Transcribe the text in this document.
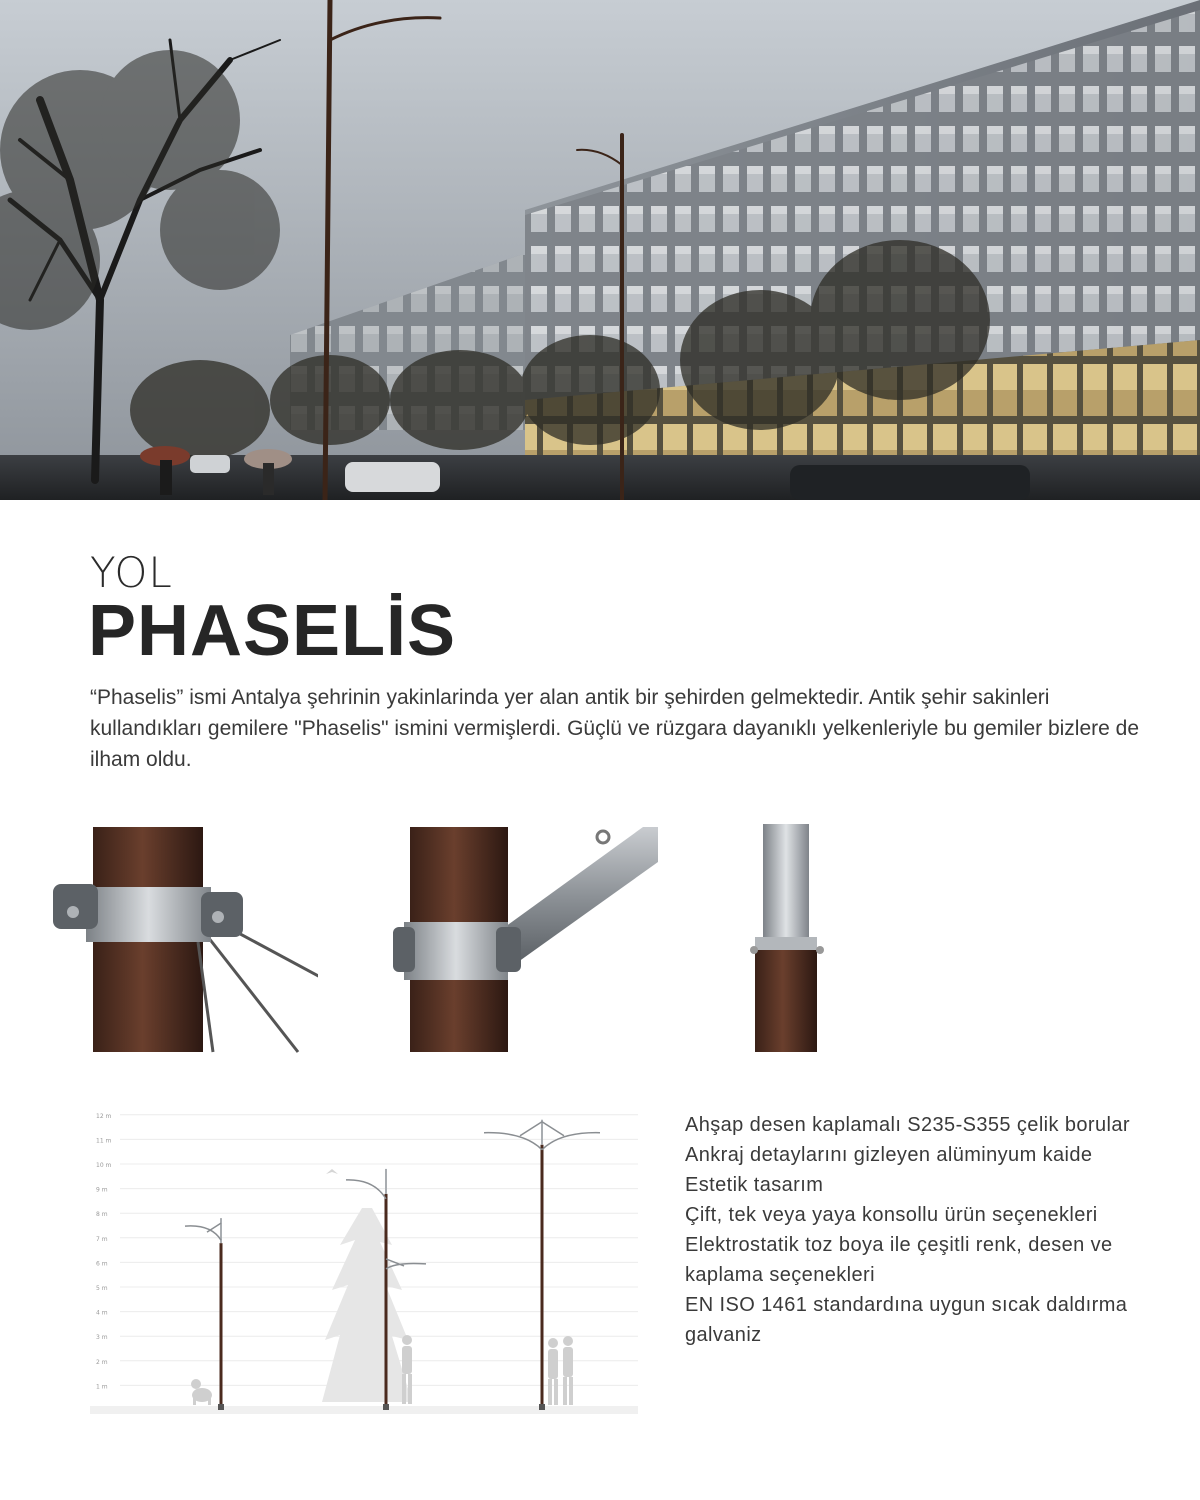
YOL
PHASELİS

“Phaselis” ismi Antalya şehrinin yakinlarinda yer alan antik bir şehirden gelmektedir. Antik şehir sakinleri kullandıkları gemilere "Phaselis" ismini vermişlerdi. Güçlü ve rüzgara dayanıklı yelkenleriyle bu gemiler bizlere de ilham oldu.

12 m
11 m
10 m
9 m
8 m
7 m
6 m
5 m
4 m
3 m
2 m
1 m
Ahşap desen kaplamalı S235-S355 çelik borular
Ankraj detaylarını gizleyen alüminyum kaide
Estetik tasarım
Çift, tek veya yaya konsollu ürün seçenekleri
Elektrostatik toz boya ile çeşitli renk, desen ve kaplama seçenekleri
EN ISO 1461 standardına uygun sıcak daldırma galvaniz
